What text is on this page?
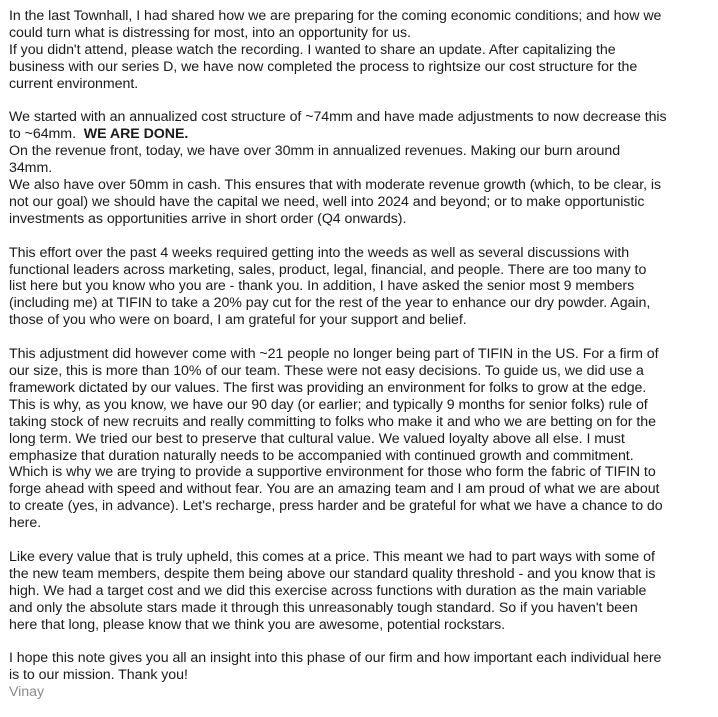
In the last Townhall, I had shared how we are preparing for the coming economic conditions; and how we
could turn what is distressing for most, into an opportunity for us.
If you didn't attend, please watch the recording. I wanted to share an update. After capitalizing the
business with our series D, we have now completed the process to rightsize our cost structure for the
current environment.
We started with an annualized cost structure of ~74mm and have made adjustments to now decrease this
to ~64mm. WE ARE DONE.
On the revenue front, today, we have over 30mm in annualized revenues. Making our burn around
34mm.
We also have over 50mm in cash. This ensures that with moderate revenue growth (which, to be clear, is
not our goal) we should have the capital we need, well into 2024 and beyond; or to make opportunistic
investments as opportunities arrive in short order (Q4 onwards).
This effort over the past 4 weeks required getting into the weeds as well as several discussions with
functional leaders across marketing, sales, product, legal, financial, and people. There are too many to
list here but you know who you are - thank you. In addition, I have asked the senior most 9 members
(including me) at TIFIN to take a 20% pay cut for the rest of the year to enhance our dry powder. Again,
those of you who were on board, I am grateful for your support and belief.
This adjustment did however come with ~21 people no longer being part of TIFIN in the US. For a firm of
our size, this is more than 10% of our team. These were not easy decisions. To guide us, we did use a
framework dictated by our values. The first was providing an environment for folks to grow at the edge.
This is why, as you know, we have our 90 day (or earlier; and typically 9 months for senior folks) rule of
taking stock of new recruits and really committing to folks who make it and who we are betting on for the
long term. We tried our best to preserve that cultural value. We valued loyalty above all else. I must
emphasize that duration naturally needs to be accompanied with continued growth and commitment.
Which is why we are trying to provide a supportive environment for those who form the fabric of TIFIN to
forge ahead with speed and without fear. You are an amazing team and I am proud of what we are about
to create (yes, in advance). Let's recharge, press harder and be grateful for what we have a chance to do
here.
Like every value that is truly upheld, this comes at a price. This meant we had to part ways with some of
the new team members, despite them being above our standard quality threshold - and you know that is
high. We had a target cost and we did this exercise across functions with duration as the main variable
and only the absolute stars made it through this unreasonably tough standard. So if you haven't been
here that long, please know that we think you are awesome, potential rockstars.
I hope this note gives you all an insight into this phase of our firm and how important each individual here
is to our mission. Thank you!
Vinay
